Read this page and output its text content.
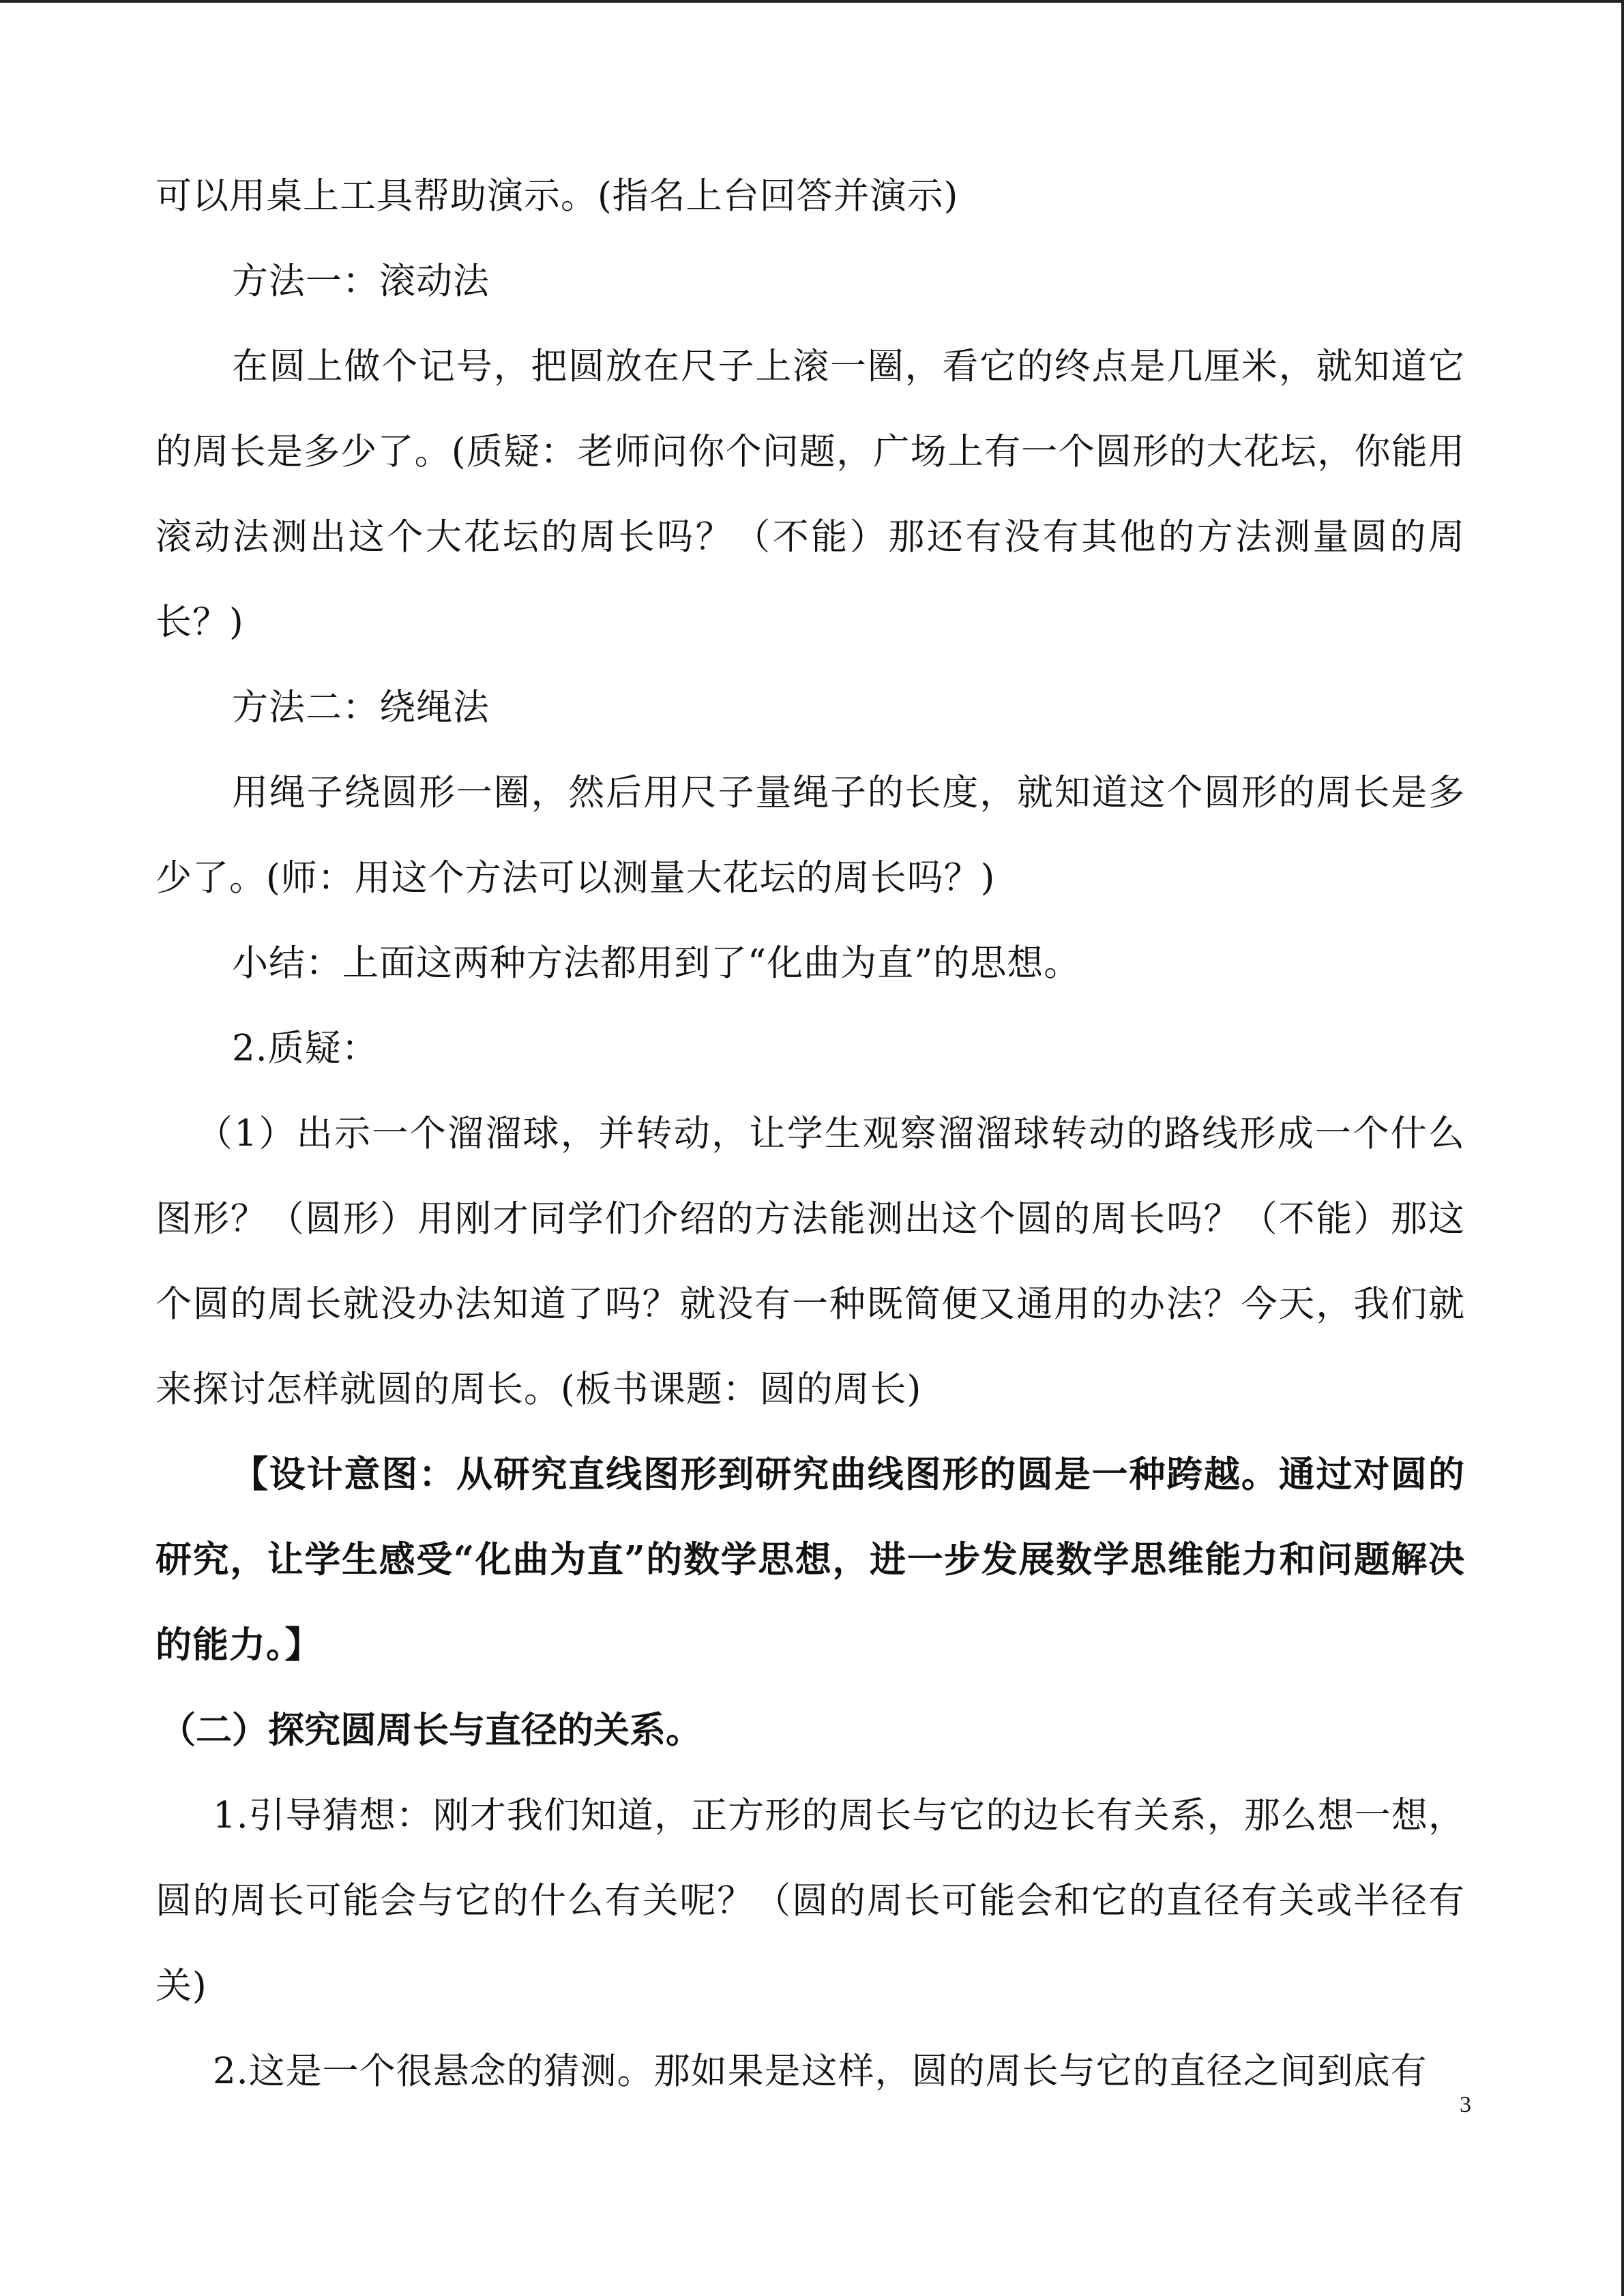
可以用桌上工具帮助演示。(指名上台回答并演示)

方法一：滚动法

在圆上做个记号，把圆放在尺子上滚一圈，看它的终点是几厘米，就知道它的周长是多少了。(质疑：老师问你个问题，广场上有一个圆形的大花坛，你能用滚动法测出这个大花坛的周长吗？（不能）那还有没有其他的方法测量圆的周长？)

方法二：绕绳法

用绳子绕圆形一圈，然后用尺子量绳子的长度，就知道这个圆形的周长是多少了。(师：用这个方法可以测量大花坛的周长吗？)

小结：上面这两种方法都用到了“化曲为直”的思想。

2.质疑：

（1）出示一个溜溜球，并转动，让学生观察溜溜球转动的路线形成一个什么图形？（圆形）用刚才同学们介绍的方法能测出这个圆的周长吗？（不能）那这个圆的周长就没办法知道了吗？就没有一种既简便又通用的办法？今天，我们就来探讨怎样就圆的周长。(板书课题：圆的周长)

【设计意图：从研究直线图形到研究曲线图形的圆是一种跨越。通过对圆的研究，让学生感受“化曲为直”的数学思想，进一步发展数学思维能力和问题解决的能力。】

（二）探究圆周长与直径的关系。

1.引导猜想：刚才我们知道，正方形的周长与它的边长有关系，那么想一想，圆的周长可能会与它的什么有关呢？（圆的周长可能会和它的直径有关或半径有关)

2.这是一个很悬念的猜测。那如果是这样，圆的周长与它的直径之间到底有

3
